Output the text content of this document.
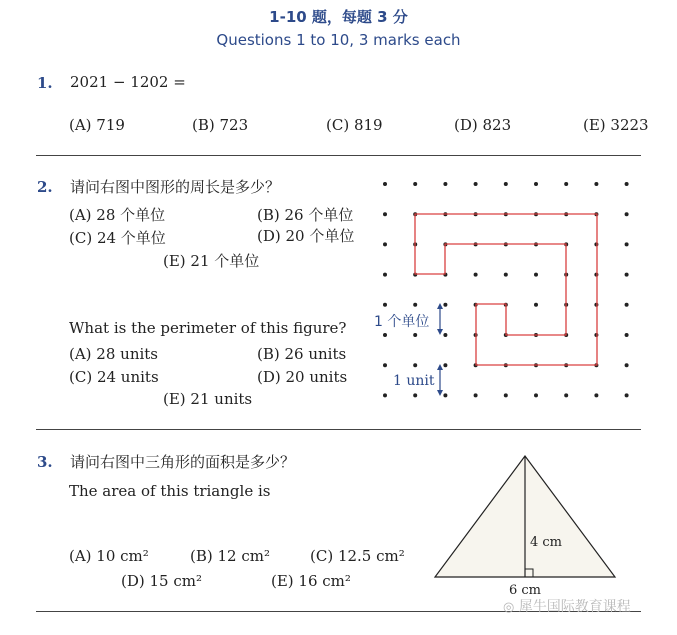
1-10 题，每题 3 分
Questions 1 to 10, 3 marks each
1. 2021 − 1202 =
(A) 719	(B) 723	(C) 819	(D) 823	(E) 3223
2. 请问右图中图形的周长是多少？
(A) 28 个单位	(B) 26 个单位
(C) 24 个单位	(D) 20 个单位
(E) 21 个单位
What is the perimeter of this figure?
(A) 28 units	(B) 26 units
(C) 24 units	(D) 20 units
(E) 21 units
1 个单位
1 unit
3. 请问右图中三角形的面积是多少？
The area of this triangle is
(A) 10 cm²	(B) 12 cm²	(C) 12.5 cm²
(D) 15 cm²	(E) 16 cm²
4 cm
6 cm
◎ 犀牛国际教育课程
